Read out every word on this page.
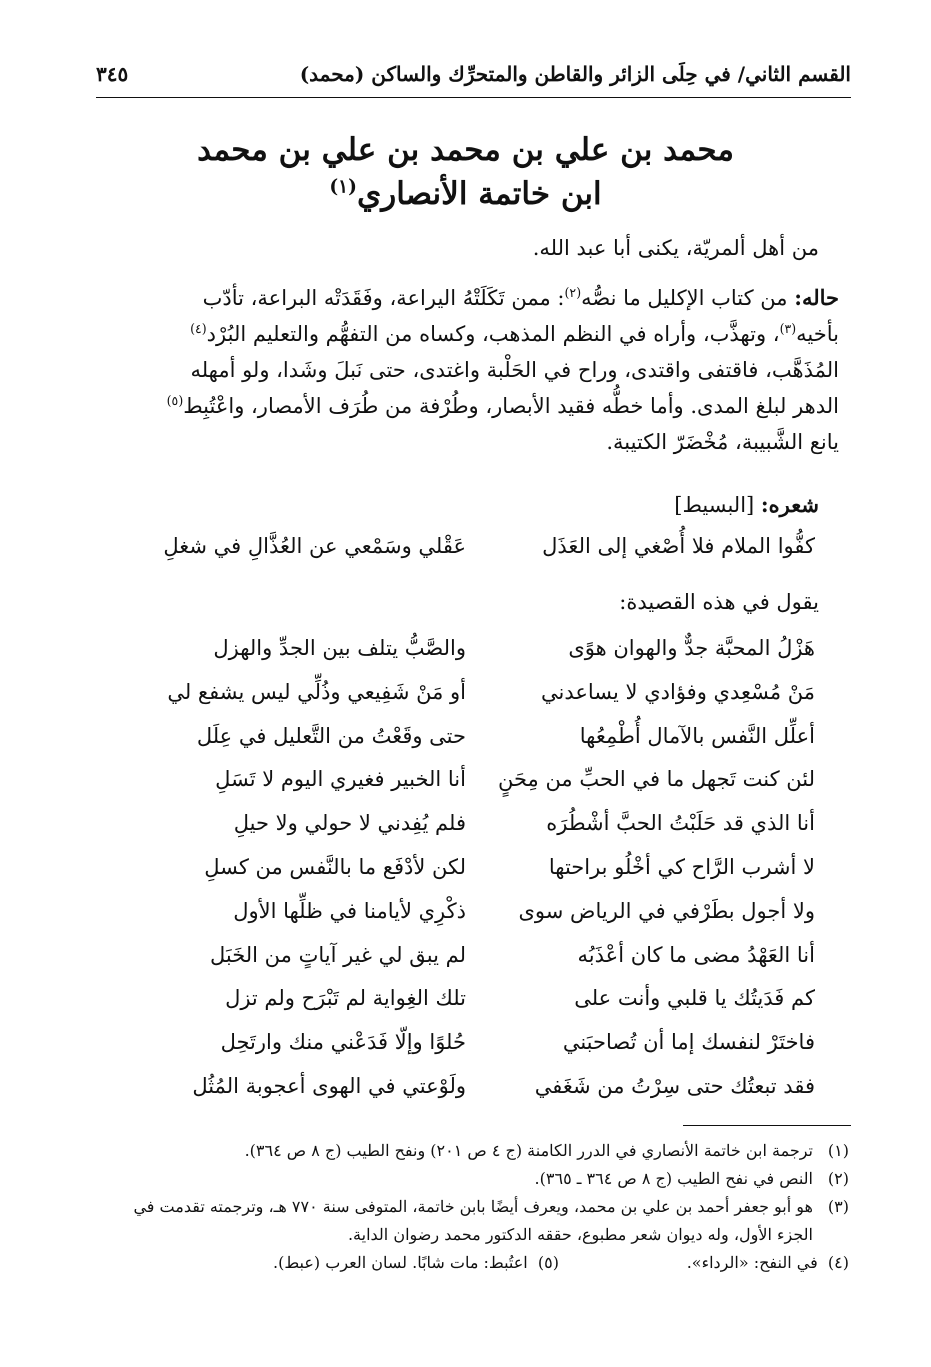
القسم الثاني/ في حِلَى الزائر والقاطن والمتحرِّك والساكن (محمد)
٣٤٥
محمد بن علي بن محمد بن علي بن محمد
ابن خاتمة الأنصاري$^{(١)}$
من أهل ألمريّة، يكنى أبا عبد الله.
حاله: من كتاب الإكليل ما نصُّه$^{(٢)}$: ممن تَكَلَتْهُ اليراعة، وفَقَدَتْه البراعة، تأدّب
بأخيه$^{(٣)}$، وتهذَّب، وأراه في النظم المذهب، وكساه من التفهُّم والتعليم البُرْد$^{(٤)}$
المُذَهَّب، فاقتفى واقتدى، وراح في الحَلْبة واغتدى، حتى نَبلَ وشَدا، ولو أمهله
الدهر لبلغ المدى. وأما خطُّه فقيد الأبصار، وطُرْفة من طُرَف الأمصار، واعْتُبِط$^{(٥)}$
يانع الشَّبيبة، مُخْضَرّ الكتيبة.
شعره: [البسيط]
كفُّوا الملام فلا أُصْغي إلى العَذَل
عَقْلي وسَمْعي عن العُذَّالِ في شغلِ
يقول في هذه القصيدة:
هَزْلُ المحبَّة جدٌّ والهوان هوًى
والصَّبُّ يتلف بين الجدِّ والهزل
مَنْ مُسْعِدي وفؤادي لا يساعدني
أو مَنْ شَفِيعي وذُلِّي ليس يشفع لي
أعلِّل النَّفس بالآمال أُطْمِعُها
حتى وقَعْتُ من التَّعليل في عِلَل
لئن كنت تَجهل ما في الحبِّ من مِحَنٍ
أنا الخبير فغيري اليوم لا تَسَلِ
أنا الذي قد حَلَبْتُ الحبَّ أشْطُرَه
فلم يُفِدني لا حولي ولا حيلِ
لا أشرب الرَّاح كي أخْلُو براحتها
لكن لأدْفَع ما بالنَّفس من كسلِ
ولا أجول بطَرْفي في الرياض سوى
ذكْرِي لأيامنا في ظلِّها الأول
أنا العَهْدُ مضى ما كان أعْذَبُه
لم يبق لي غير آياتٍ من الخَبَل
كم فَدَيتُك يا قلبي وأنت على
تلك الغِواية لم تَبْرَح ولم تزل
فاختَرْ لنفسك إما أن تُصاحبَني
حُلوًا وإلّا فَدَعْني منك وارتَحِل
فقد تبعتُك حتى سِرْتُ من شَغَفي
ولَوْعتي في الهوى أعجوبة المُثُل
(١)
ترجمة ابن خاتمة الأنصاري في الدرر الكامنة (ج ٤ ص ٢٠١) ونفح الطيب (ج ٨ ص ٣٦٤).
(٢)
النص في نفح الطيب (ج ٨ ص ٣٦٤ ـ ٣٦٥).
(٣)
هو أبو جعفر أحمد بن علي بن محمد، ويعرف أيضًا بابن خاتمة، المتوفى سنة ٧٧٠ هـ، وترجمته تقدمت في الجزء الأول، وله ديوان شعر مطبوع، حققه الدكتور محمد رضوان الداية.
(٤)  في النفح: «الرداء».
(٥)  اعتُبط: مات شابًا. لسان العرب (عبط).
